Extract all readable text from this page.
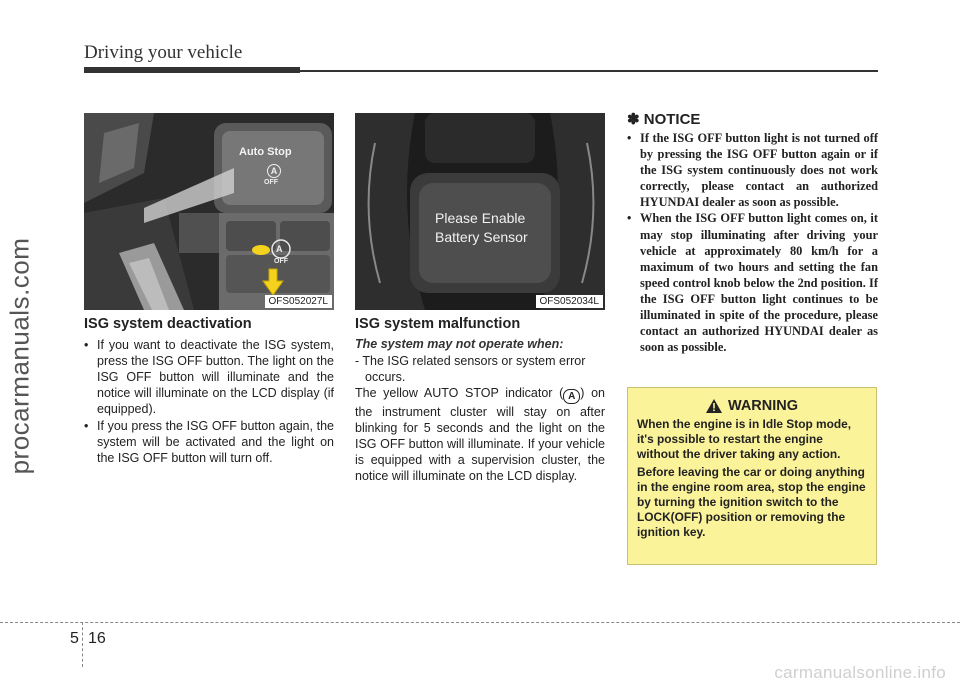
Driving your vehicle
procarmanuals.com
Auto Stop
A
OFF
A
OFF
OFS052027L
Please Enable
Battery Sensor
OFS052034L
ISG system deactivation
• If you want to deactivate the ISG system, press the ISG OFF button. The light on the ISG OFF button will illuminate and the notice will illuminate on the LCD display (if equipped).
• If you press the ISG OFF button again, the system will be activated and the light on the ISG OFF button will turn off.
ISG system malfunction
The system may not operate when:
- The ISG related sensors or system error occurs.
The yellow AUTO STOP indicator ( A ) on the instrument cluster will stay on after blinking for 5 seconds and the light on the ISG OFF button will illuminate. If your vehicle is equipped with a supervision cluster, the notice will illuminate on the LCD display.
✽ NOTICE
• If the ISG OFF button light is not turned off by pressing the ISG OFF button again or if the ISG system continuously does not work correctly, please contact an authorized HYUNDAI dealer as soon as possible.
• When the ISG OFF button light comes on, it may stop illuminating after driving your vehicle at approximately 80 km/h for a maximum of two hours and setting the fan speed control knob below the 2nd position. If the ISG OFF button light continues to be illuminated in spite of the procedure, please contact an authorized HYUNDAI dealer as soon as possible.
WARNING

When the engine is in Idle Stop mode, it's possible to restart the engine without the driver taking any action.

Before leaving the car or doing anything in the engine room area, stop the engine by turning the ignition switch to the LOCK(OFF) position or removing the ignition key.

5 16
carmanualsonline.info
